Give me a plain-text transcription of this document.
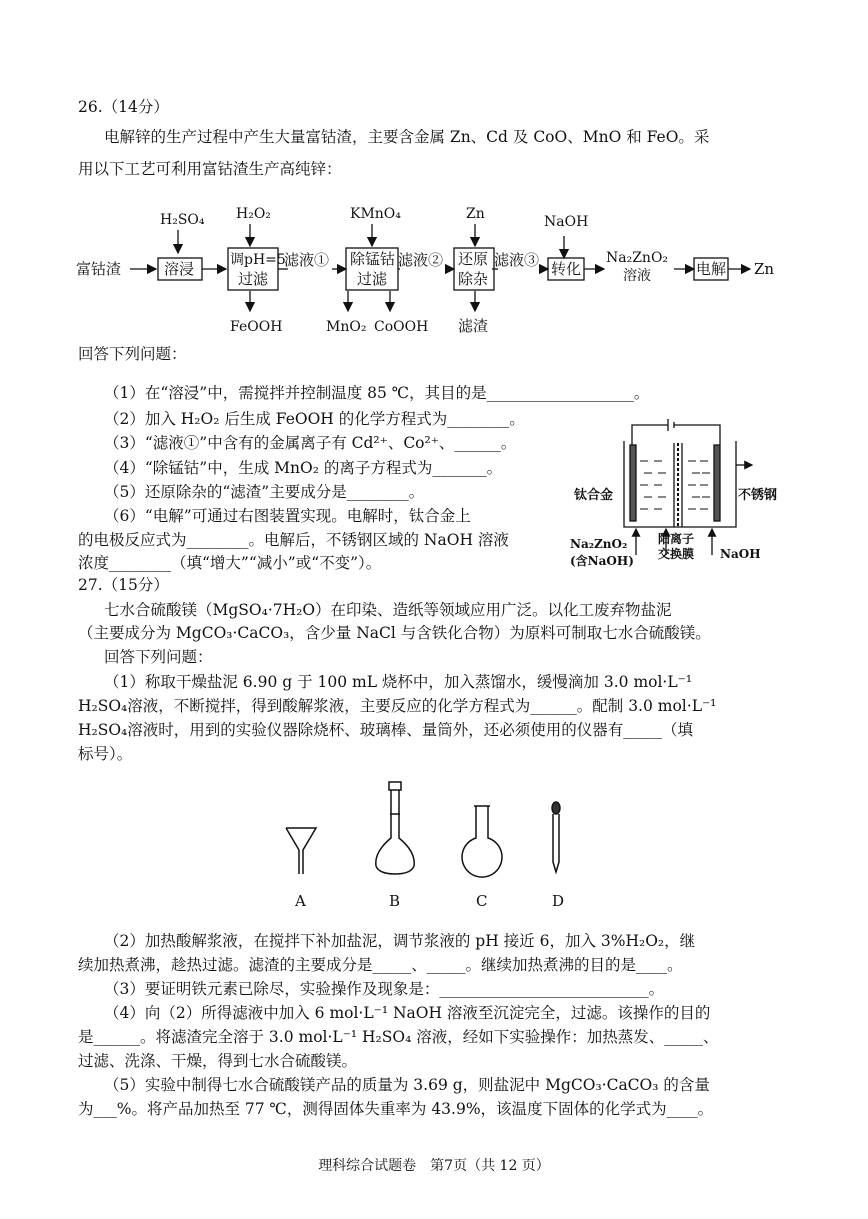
26.（14分）
电解锌的生产过程中产生大量富钴渣，主要含金属 Zn、Cd 及 CoO、MnO 和 FeO。采
用以下工艺可利用富钴渣生产高纯锌：
富钴渣	溶浸	调pH=5
过滤
除锰钴
过滤
还原
除杂
转化	电解 Zn
H₂SO₄ H₂O₂	KMnO₄	Zn	NaOH
滤液①	滤液②	滤液③
FeOOH	MnO₂ CoOOH 滤渣
Na₂ZnO₂
溶液
回答下列问题：
（1）在“溶浸”中，需搅拌并控制温度 85 ℃，其目的是___________________。
（2）加入 H₂O₂ 后生成 FeOOH 的化学方程式为________。
（3）“滤液①”中含有的金属离子有 Cd²⁺、Co²⁺、______。
（4）“除锰钴”中，生成 MnO₂ 的离子方程式为_______。
（5）还原除杂的“滤渣”主要成分是________。
（6）“电解”可通过右图装置实现。电解时，钛合金上
的电极反应式为________。电解后，不锈钢区域的 NaOH 溶液
浓度________（填“增大”“减小”或“不变”）。
钛合金	不锈钢
阳离子
交换膜
Na₂ZnO₂
(含NaOH)	NaOH
27.（15分）
七水合硫酸镁（MgSO₄·7H₂O）在印染、造纸等领域应用广泛。以化工废弃物盐泥
（主要成分为 MgCO₃·CaCO₃，含少量 NaCl 与含铁化合物）为原料可制取七水合硫酸镁。
回答下列问题：
（1）称取干燥盐泥 6.90 g 于 100 mL 烧杯中，加入蒸馏水，缓慢滴加 3.0 mol·L⁻¹
H₂SO₄溶液，不断搅拌，得到酸解浆液，主要反应的化学方程式为______。配制 3.0 mol·L⁻¹
H₂SO₄溶液时，用到的实验仪器除烧杯、玻璃棒、量筒外，还必须使用的仪器有_____（填
标号）。
A	B	C	D
（2）加热酸解浆液，在搅拌下补加盐泥，调节浆液的 pH 接近 6，加入 3%H₂O₂，继
续加热煮沸，趁热过滤。滤渣的主要成分是_____、_____。继续加热煮沸的目的是____。
（3）要证明铁元素已除尽，实验操作及现象是：___________________________。
（4）向（2）所得滤液中加入 6 mol·L⁻¹ NaOH 溶液至沉淀完全，过滤。该操作的目的
是______。将滤渣完全溶于 3.0 mol·L⁻¹ H₂SO₄ 溶液，经如下实验操作：加热蒸发、_____、
过滤、洗涤、干燥，得到七水合硫酸镁。
（5）实验中制得七水合硫酸镁产品的质量为 3.69 g，则盐泥中 MgCO₃·CaCO₃ 的含量
为___%。将产品加热至 77 ℃，测得固体失重率为 43.9%，该温度下固体的化学式为____。
理科综合试题卷　第7页（共 12 页）
